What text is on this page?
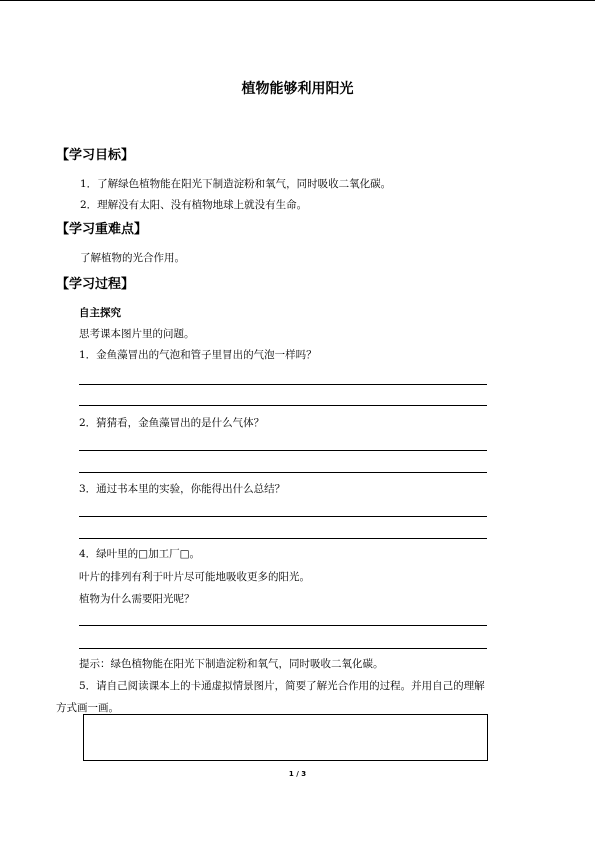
植物能够利用阳光
【学习目标】
1．了解绿色植物能在阳光下制造淀粉和氧气，同时吸收二氧化碳。
2．理解没有太阳、没有植物地球上就没有生命。
【学习重难点】
了解植物的光合作用。
【学习过程】
自主探究
思考课本图片里的问题。
1．金鱼藻冒出的气泡和管子里冒出的气泡一样吗？
2．猜猜看，金鱼藻冒出的是什么气体？
3．通过书本里的实验，你能得出什么总结？
4．绿叶里的□加工厂□。
叶片的排列有利于叶片尽可能地吸收更多的阳光。
植物为什么需要阳光呢？
提示：绿色植物能在阳光下制造淀粉和氧气，同时吸收二氧化碳。
5．请自己阅读课本上的卡通虚拟情景图片，简要了解光合作用的过程。并用自己的理解
方式画一画。
1 / 3
